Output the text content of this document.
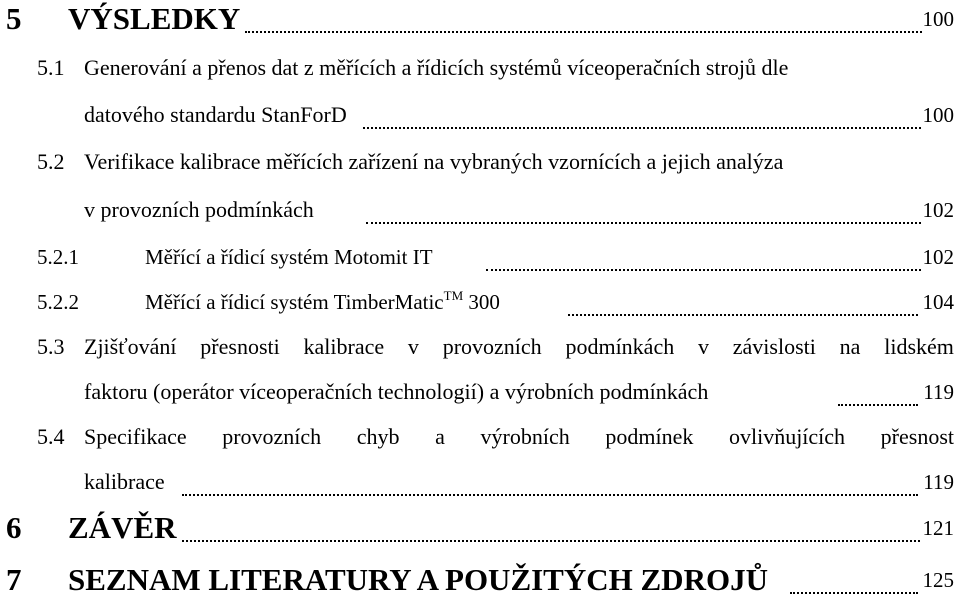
5 VÝSLEDKY	100
5.1 Generování a přenos dat z měřících a řídicích systémů víceoperačních strojů dle
datového standardu StanForD	100
5.2 Verifikace kalibrace měřících zařízení na vybraných vzornících a jejich analýza
v provozních podmínkách	102
5.2.1	Měřící a řídicí systém Motomit IT	102
5.2.2	Měřící a řídicí systém TimberMatic™ 300	104
5.3 Zjišťování přesnosti kalibrace v provozních podmínkách v závislosti na lidském
faktoru (operátor víceoperačních technologií) a výrobních podmínkách	119
5.4 Specifikace provozních chyb a výrobních podmínek ovlivňujících přesnost
kalibrace	119
6 ZÁVĚR	121
7 SEZNAM LITERATURY A POUŽITÝCH ZDROJŮ	125
